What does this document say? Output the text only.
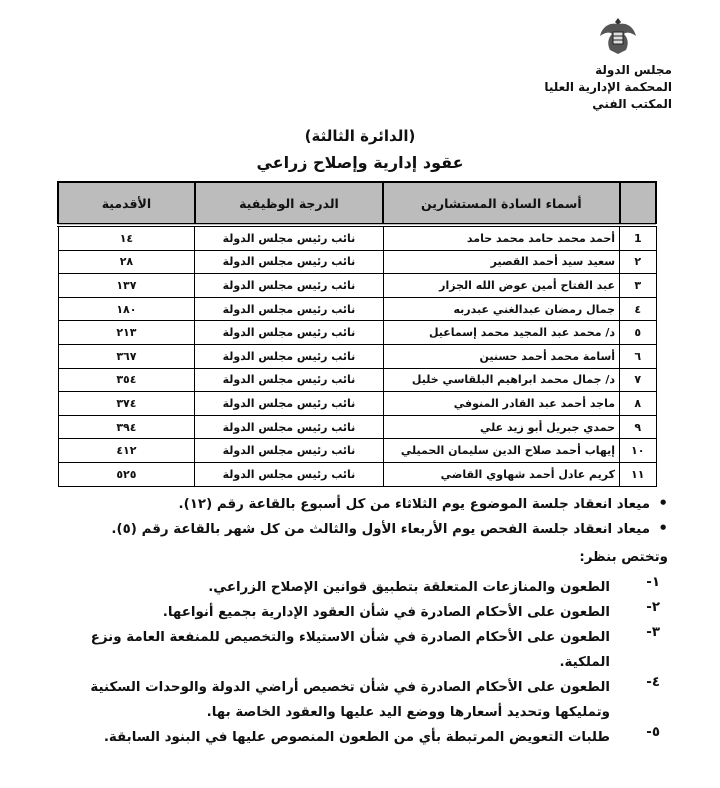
مجلس الدولة
المحكمة الإدارية العليا
المكتب الفني
(الدائرة الثالثة)
عقود إدارية وإصلاح زراعي
	أسماء السادة المستشارين	الدرجة الوظيفية	الأقدمية
1	أحمد محمد حامد محمد حامد	نائب رئيس مجلس الدولة	١٤
٢	سعيد سيد أحمد القصير	نائب رئيس مجلس الدولة	٢٨
٣	عبد الفتاح أمين عوض الله الجزار	نائب رئيس مجلس الدولة	١٣٧
٤	جمال رمضان عبدالغني عبدربه	نائب رئيس مجلس الدولة	١٨٠
٥	د/ محمد عبد المجيد محمد إسماعيل	نائب رئيس مجلس الدولة	٢١٣
٦	أسامة محمد أحمد حسنين	نائب رئيس مجلس الدولة	٣٦٧
٧	د/ جمال محمد ابراهيم البلقاسي خليل	نائب رئيس مجلس الدولة	٣٥٤
٨	ماجد أحمد عبد القادر المنوفي	نائب رئيس مجلس الدولة	٣٧٤
٩	حمدي جبريل أبو زيد علي	نائب رئيس مجلس الدولة	٣٩٤
١٠	إيهاب أحمد صلاح الدين سليمان الحميلي	نائب رئيس مجلس الدولة	٤١٢
١١	كريم عادل أحمد شهاوي القاضي	نائب رئيس مجلس الدولة	٥٢٥
•
ميعاد انعقاد جلسة الموضوع يوم الثلاثاء من كل أسبوع بالقاعة رقم (١٢).
•
ميعاد انعقاد جلسة الفحص يوم الأربعاء الأول والثالث من كل شهر بالقاعة رقم (٥).
وتختص بنظر:
١-
الطعون والمنازعات المتعلقة بتطبيق قوانين الإصلاح الزراعي.
٢-
الطعون على الأحكام الصادرة في شأن العقود الإدارية بجميع أنواعها.
٣-
الطعون على الأحكام الصادرة في شأن الاستيلاء والتخصيص للمنفعة العامة ونزع الملكية.
٤-
الطعون على الأحكام الصادرة في شأن تخصيص أراضي الدولة والوحدات السكنية وتمليكها وتحديد أسعارها ووضع اليد عليها والعقود الخاصة بها.
٥-
طلبات التعويض المرتبطة بأي من الطعون المنصوص عليها في البنود السابقة.
